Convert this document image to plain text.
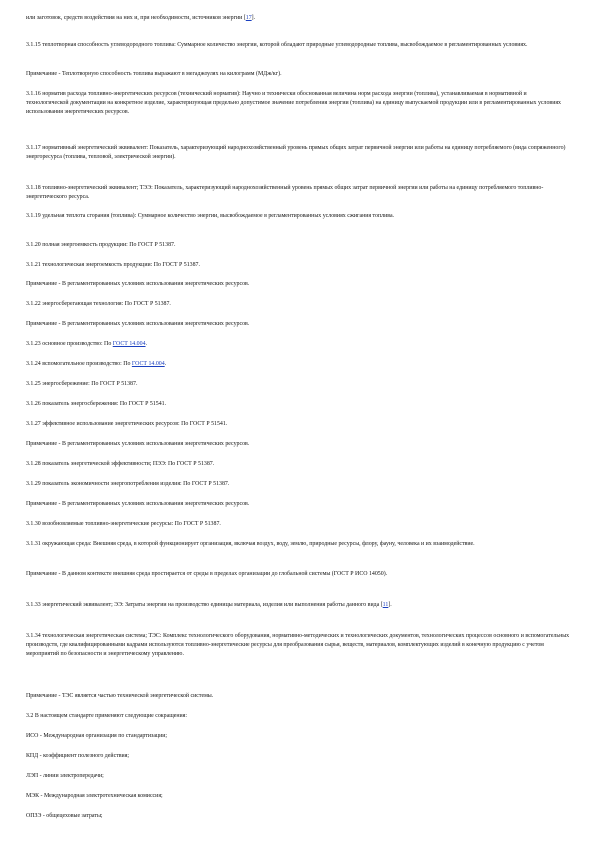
или заготовок, средств воздействия на них и, при необходимости, источников энергии [17].

3.1.15 теплотворная способность углеводородного топлива: Суммарное количество энергии, которой обладают природные углеводородные топлива, высвобождаемое в регламентированных условиях.

Примечание - Теплотворную способность топлива выражают в мегаджоулях на килограмм (МДж/кг).

3.1.16 норматив расхода топливно-энергетических ресурсов (технический норматив): Научно и технически обоснованная величина норм расхода энергии (топлива), устанавливаемая в нормативной и технологической документации на конкретное изделие, характеризующая предельно допустимое значение потребления энергии (топлива) на единицу выпускаемой продукции или в регламентированных условиях использования энергетических ресурсов.

3.1.17 нормативный энергетический эквивалент: Показатель, характеризующий народнохозяйственный уровень прямых общих затрат первичной энергии или работы на единицу потребляемого (вида сопряженного) энергоресурса (топлива, тепловой, электрической энергии).

3.1.18 топливно-энергетический эквивалент; ТЭЭ: Показатель, характеризующий народнохозяйственный уровень прямых общих затрат первичной энергии или работы на единицу потребляемого топливно-энергетического ресурса.

3.1.19 удельная теплота сгорания (топлива): Суммарное количество энергии, высвобождаемое в регламентированных условиях сжигания топлива.

3.1.20 полная энергоемкость продукции: По ГОСТ Р 51387.

3.1.21 технологическая энергоемкость продукции: По ГОСТ Р 51387.

Примечание - В регламентированных условиях использования энергетических ресурсов.

3.1.22 энергосберегающая технология: По ГОСТ Р 51387.

Примечание - В регламентированных условиях использования энергетических ресурсов.

3.1.23 основное производство: По ГОСТ 14.004.

3.1.24 вспомогательное производство: По ГОСТ 14.004.

3.1.25 энергосбережение: По ГОСТ Р 51387.

3.1.26 показатель энергосбережения: По ГОСТ Р 51541.

3.1.27 эффективное использование энергетических ресурсов: По ГОСТ Р 51541.

Примечание - В регламентированных условиях использования энергетических ресурсов.

3.1.28 показатель энергетической эффективности; ПЭЭ: По ГОСТ Р 51387.

3.1.29 показатель экономичности энергопотребления изделия: По ГОСТ Р 51387.

Примечание - В регламентированных условиях использования энергетических ресурсов.

3.1.30 возобновляемые топливно-энергетические ресурсы: По ГОСТ Р 51387.

3.1.31 окружающая среда: Внешняя среда, в которой функционирует организация, включая воздух, воду, землю, природные ресурсы, флору, фауну, человека и их взаимодействие.

Примечание - В данном контексте внешняя среда простирается от среды в пределах организации до глобальной системы (ГОСТ Р ИСО 14050).

3.1.33 энергетический эквивалент; ЭЭ: Затраты энергии на производство единицы материала, изделия или выполнения работы данного вида [11].

3.1.34 технологическая энергетическая система; ТЭС: Комплекс технологического оборудования, нормативно-методических и технологических документов, технологических процессов основного и вспомогательных производств, где квалифицированными кадрами используются топливно-энергетические ресурсы для преобразования сырья, веществ, материалов, комплектующих изделий в конечную продукцию с учетом мероприятий по безопасности и энергетическому управлению.

Примечание - ТЭС является частью технической энергетической системы.

3.2 В настоящем стандарте применяют следующие сокращения:

ИСО - Международная организация по стандартизации;

КПД - коэффициент полезного действия;

ЛЭП - линии электропередачи;

МЭК - Международная электротехническая комиссия;

ОПЗЭ - общецеховые затраты;
